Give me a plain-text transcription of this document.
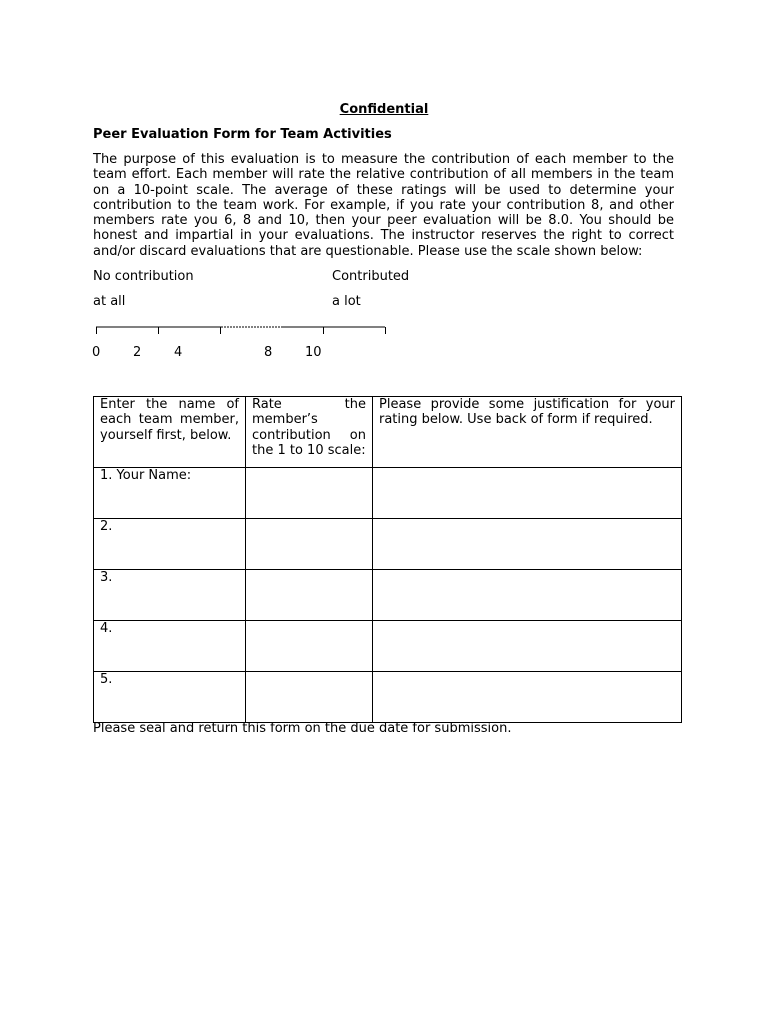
Confidential
Peer Evaluation Form for Team Activities

The purpose of this evaluation is to measure the contribution of each member to the team effort. Each member will rate the relative contribution of all members in the team on a 10-point scale. The average of these ratings will be used to determine your contribution to the team work. For example, if you rate your contribution 8, and other members rate you 6, 8 and 10, then your peer evaluation will be 8.0. You should be honest and impartial in your evaluations. The instructor reserves the right to correct and/or discard evaluations that are questionable. Please use the scale shown below:

No contribution
at all
Contributed
a lot
0	2	4	8	10
Enter the name of each team member, yourself first, below.	Rate the member’s contribution on the 1 to 10 scale:	Please provide some justification for your rating below. Use back of form if required.
1. Your Name:		
2.		
3.		
4.		
5.		
Please seal and return this form on the due date for submission.
